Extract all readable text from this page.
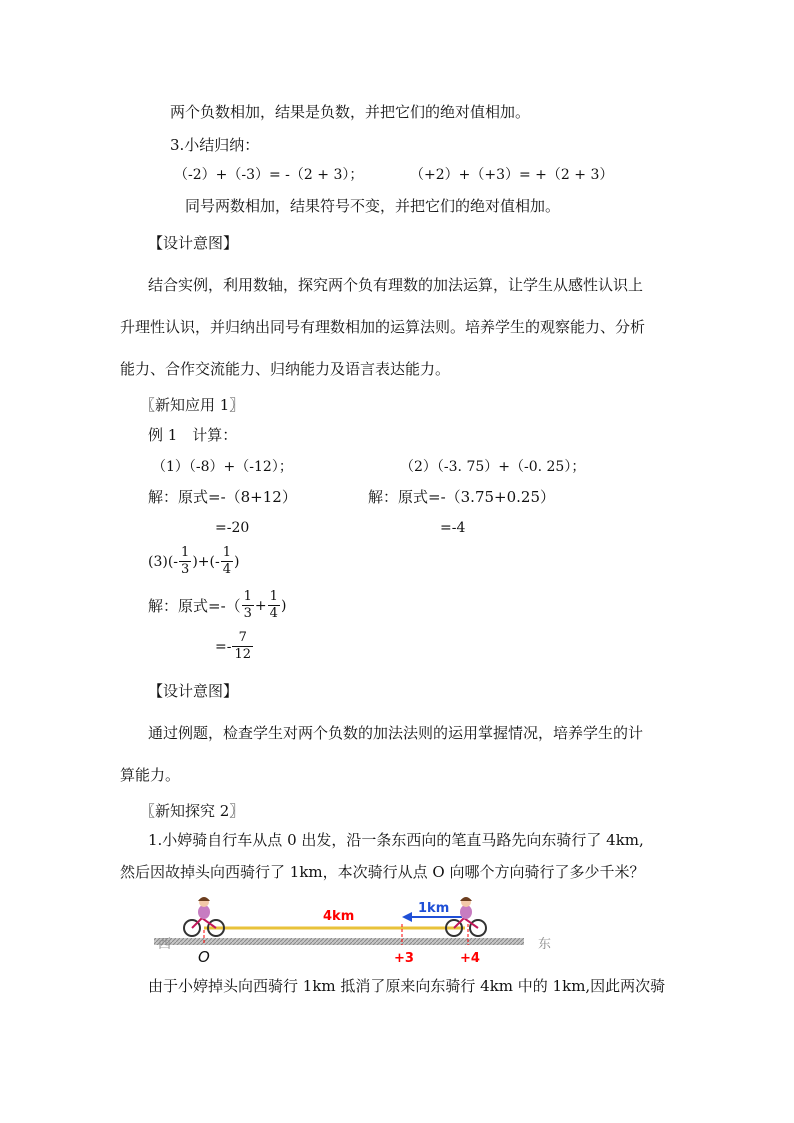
两个负数相加，结果是负数，并把它们的绝对值相加。
3.小结归纳：
（-2）+（-3）= -（2 + 3）；	（+2）+（+3）= +（2 + 3）
同号两数相加，结果符号不变，并把它们的绝对值相加。
【设计意图】
结合实例，利用数轴，探究两个负有理数的加法运算，让学生从感性认识上
升理性认识，并归纳出同号有理数相加的运算法则。培养学生的观察能力、分析
能力、合作交流能力、归纳能力及语言表达能力。
〖新知应用 1〗
例 1　计算：
（1）（-8）+（-12）；	（2）（-3. 75）+（-0. 25）；
解：原式=-（8+12）	解：原式=-（3.75+0.25）
=-20	=-4
$(3)(- \frac{1}{3}$ )+(- $\frac{1}{4}$ )
解：原式=-（ $\frac{1}{3} + \frac{1}{4}$ )
=- $\frac{7}{12}$
【设计意图】
通过例题，检查学生对两个负数的加法法则的运用掌握情况，培养学生的计
算能力。
〖新知探究 2〗
1.小婷骑自行车从点 0 出发，沿一条东西向的笔直马路先向东骑行了 4km,
然后因故掉头向西骑行了 1km，本次骑行从点 O 向哪个方向骑行了多少千米？
4km
1km
西	东
O	+3	+4
由于小婷掉头向西骑行 1km 抵消了原来向东骑行 4km 中的 1km,因此两次骑
